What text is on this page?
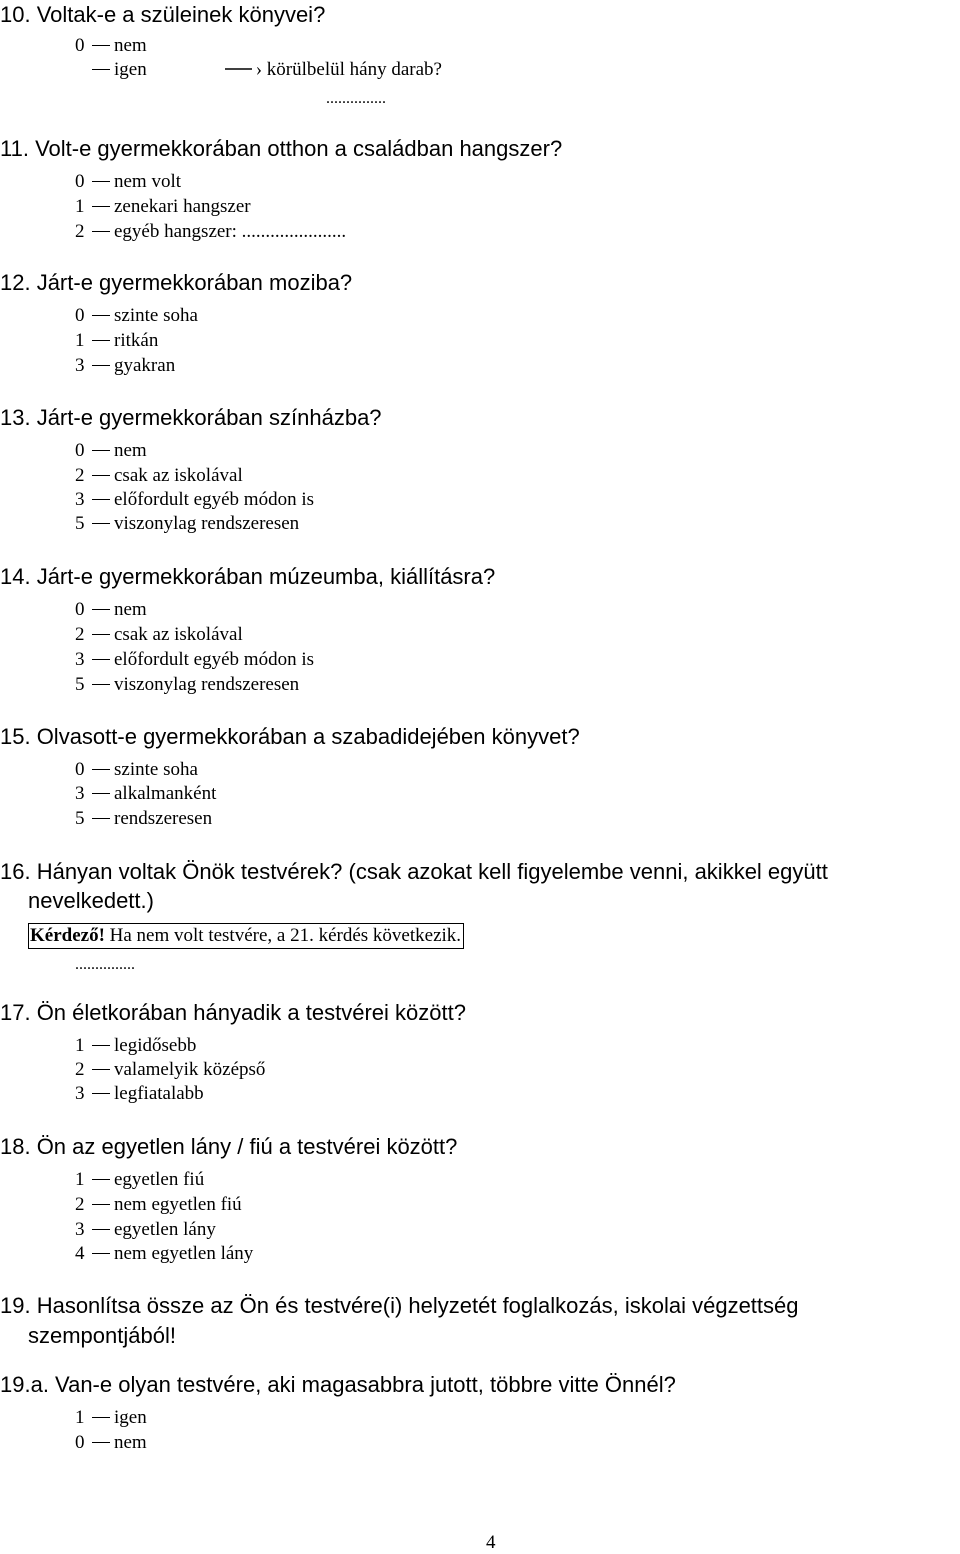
10. Voltak-e a szüleinek könyvei?
0 nem
igen	› körülbelül hány darab?
...............
11. Volt-e gyermekkorában otthon a családban hangszer?
0 nem volt
1 zenekari hangszer
2 egyéb hangszer: ......................
12. Járt-e gyermekkorában moziba?
0 szinte soha
1 ritkán
3 gyakran
13. Járt-e gyermekkorában színházba?
0 nem
2 csak az iskolával
3 előfordult egyéb módon is
5 viszonylag rendszeresen
14. Járt-e gyermekkorában múzeumba, kiállításra?
0 nem
2 csak az iskolával
3 előfordult egyéb módon is
5 viszonylag rendszeresen
15. Olvasott-e gyermekkorában a szabadidejében könyvet?
0 szinte soha
3 alkalmanként
5 rendszeresen
16. Hányan voltak Önök testvérek? (csak azokat kell figyelembe venni, akikkel együtt
nevelkedett.)
Kérdező! Ha nem volt testvére, a 21. kérdés következik.
...............
17. Ön életkorában hányadik a testvérei között?
1 legidősebb
2 valamelyik középső
3 legfiatalabb
18. Ön az egyetlen lány / fiú a testvérei között?
1 egyetlen fiú
2 nem egyetlen fiú
3 egyetlen lány
4 nem egyetlen lány
19. Hasonlítsa össze az Ön és testvére(i) helyzetét foglalkozás, iskolai végzettség
szempontjából!
19.a. Van-e olyan testvére, aki magasabbra jutott, többre vitte Önnél?
1 igen
0 nem
4
